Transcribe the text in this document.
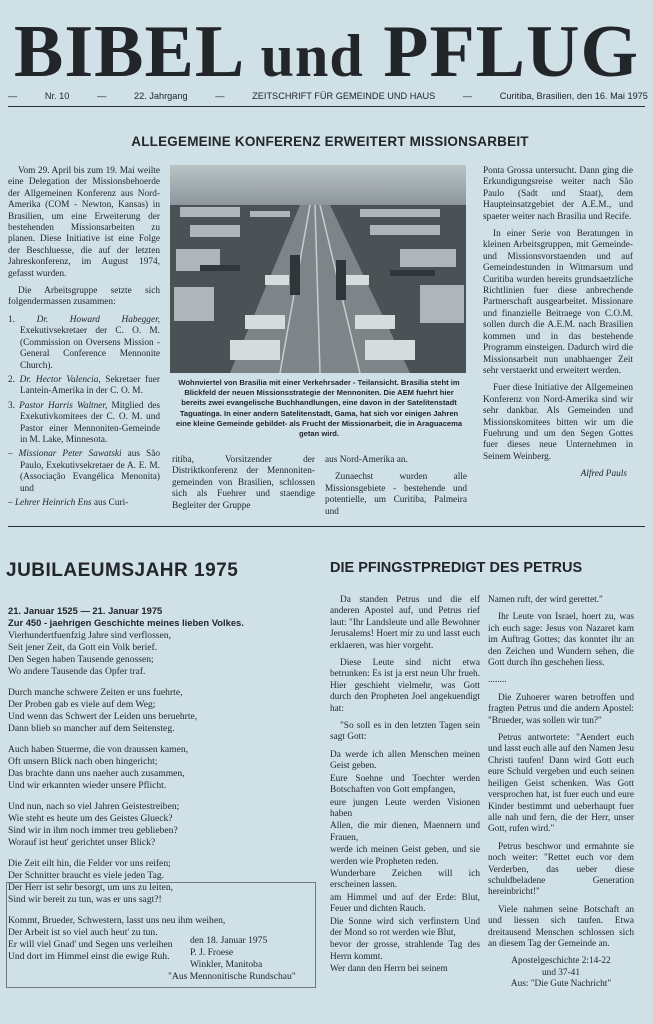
BIBEL und PFLUG
—	Nr. 10	—	22. Jahrgang	—	ZEITSCHRIFT FÜR GEMEINDE UND HAUS	—	Curitiba, Brasilien, den 16. Mai 1975
ALLEGEMEINE KONFERENZ ERWEITERT MISSIONSARBEIT

Vom 29. April bis zum 19. Mai weilte eine Delegation der Missionsbehoerde der Allgemeinen Konferenz aus Nord-Amerika (COM - Newton, Kansas) in Brasilien, um eine Erweiterung der bestehenden Missionsarbeiten zu planen. Diese Initiative ist eine Folge der Beschluesse, die auf der letzten Jahreskonferenz, im August 1974, gefasst wurden.

Die Arbeitsgruppe setzte sich folgendermassen zusammen:

1. Dr. Howard Habegger, Exekutivsekretaer der C. O. M. (Commission on Oversens Mission - General Conference Mennonite Church).
2. Dr. Hector Valencia, Sekretaer fuer Lantein-Amerika in der C. O. M.
3. Pastor Harris Waltner, Mitglied des Exekutivkomitees der C. O. M. und Pastor einer Mennoniten-Gemeinde in M. Lake, Minnesota.
– Missionar Peter Sawatski aus São Paulo, Exekutivsekretaer de A. E. M. (Associação Evangélica Menonita) und
– Lehrer Heinrich Ens aus Curi-
Wohnviertel von Brasilia mit einer Verkehrsader - Teilansicht. Brasilia steht im Blickfeld der neuen Missionsstrategie der Mennoniten. Die AEM fuehrt hier bereits zwei evangelische Buchhandlungen, eine davon in der Satelitenstadt Taguatinga. In einer andern Satelitenstadt, Gama, hat sich vor einigen Jahren eine kleine Gemeinde gebildet- als Frucht der Missionarbeit, die in Araguacema getan wird.

ritiba, Vorsitzender der Distriktkonferenz der Mennoniten-gemeinden von Brasilien, schlossen sich als Fuehrer und staendige Begleiter der Gruppe

aus Nord-Amerika an.

Zunaechst wurden alle Missionsgebiete - bestehende und potentielle, um Curitiba, Palmeira und

Ponta Grossa untersucht. Dann ging die Erkundigungsreise weiter nach São Paulo (Sadt und Staat), dem Haupteinsatzgebiet der A.E.M., und spaeter weiter nach Brasilia und Recife.

In einer Serie von Beratungen in kleinen Arbeitsgruppen, mit Gemeinde- und Missionsvorstaenden und auf Gemeindestunden in Witmarsum und Curitiba wurden bereits grundsaetzliche Richtlinien fuer diese anbrechende Partnerschaft ausgearbeitet. Missionare und finanzielle Beitraege von C.O.M. sollen durch die A.E.M. nach Brasilien kommen und in das bestehende Programm einsteigen. Dadurch wird die Missionsarbeit nun unabhaenger Zeit sehr verstaerkt und erweitert werden.

Fuer diese Initiative der Allgemeinen Konferenz von Nord-Amerika sind wir sehr dankbar. Als Gemeinden und Missionskomitees bitten wir um die Fuehrung und um den Segen Gottes fuer dieses neue Unternehmen in Seinem Weinberg.

Alfred Pauls
JUBILAEUMSJAHR 1975
21. Januar 1525 — 21. Januar 1975
Zur 450 - jaehrigen Geschichte meines lieben Volkes.
Vierhundertfuenfzig Jahre sind verflossen,
Seit jener Zeit, da Gott ein Volk berief.
Den Segen haben Tausende genossen;
Wo andere Tausende das Opfer traf.
Durch manche schwere Zeiten er uns fuehrte,
Der Proben gab es viele auf dem Weg;
Und wenn das Schwert der Leiden uns beruehrte,
Dann blieb so mancher auf dem Seitensteg.
Auch haben Stuerme, die von draussen kamen,
Oft unsern Blick nach oben hingericht;
Das brachte dann uns naeher auch zusammen,
Und wir erkannten wieder unsere Pflicht.
Und nun, nach so viel Jahren Geistestreiben;
Wie steht es heute um des Geistes Glueck?
Sind wir in ihm noch immer treu geblieben?
Worauf ist heut' gerichtet unser Blick?
Die Zeit eilt hin, die Felder vor uns reifen;
Der Schnitter braucht es viele jeden Tag.
Der Herr ist sehr besorgt, um uns zu leiten,
Sind wir bereit zu tun, was er uns sagt?!
Kommt, Brueder, Schwestern, lasst uns neu ihm weihen,
Der Arbeit ist so viel auch heut' zu tun.
Er will viel Gnad' und Segen uns verleihen
Und dort im Himmel einst die ewige Ruh.
den 18. Januar 1975
P. J. Froese
Winkler, Manitoba
"Aus Mennonitische Rundschau"
DIE PFINGSTPREDIGT DES PETRUS

Da standen Petrus und die elf anderen Apostel auf, und Petrus rief laut: "Ihr Landsleute und alle Bewohner Jerusalems! Hoert mir zu und lasst euch erklaeren, was hier vorgeht.

Diese Leute sind nicht etwa betrunken: Es ist ja erst neun Uhr frueh. Hier geschieht vielmehr, was Gott durch den Propheten Joel angekuendigt hat:

"So soll es in den letzten Tagen sein sagt Gott:

Da werde ich allen Menschen meinen Geist geben.

Eure Soehne und Toechter werden Botschaften von Gott empfangen,

eure jungen Leute werden Visionen haben

Allen, die mir dienen, Maennern und Frauen,

werde ich meinen Geist geben, und sie werden wie Propheten reden.

Wunderbare Zeichen will ich erscheinen lassen.

am Himmel und auf der Erde: Blut, Feuer und dichten Rauch.

Die Sonne wird sich verfinstern Und der Mond so rot werden wie Blut,

bevor der grosse, strahlende Tag des Herrn kommt.

Wer dann den Herrn bei seinem

Namen ruft, der wird gerettet."

Ihr Leute von Israel, hoert zu, was ich euch sage: Jesus von Nazaret kam im Auftrag Gottes; das konntet ihr an den Zeichen und Wundern sehen, die Gott durch ihn geschehen liess.

........

Die Zuhoerer waren betroffen und fragten Petrus und die andern Apostel: "Brueder, was sollen wir tun?"

Petrus antwortete: "Aendert euch und lasst euch alle auf den Namen Jesu Christi taufen! Dann wird Gott euch eure Schuld vergeben und euch seinen heiligen Geist schenken. Was Gott versprochen hat, ist fuer euch und eure Kinder bestimmt und ueberhaupt fuer alle nah und fern, die der Herr, unser Gott, rufen wird."

Petrus beschwor und ermahnte sie noch weiter: "Rettet euch vor dem Verderben, das ueber diese schuldbeladene Generation hereinbricht!"

Viele nahmen seine Botschaft an und liessen sich taufen. Etwa dreitausend Menschen schlossen sich an diesem Tag der Gemeinde an.

Apostelgeschichte 2:14-22
und 37-41
Aus: "Die Gute Nachricht"
